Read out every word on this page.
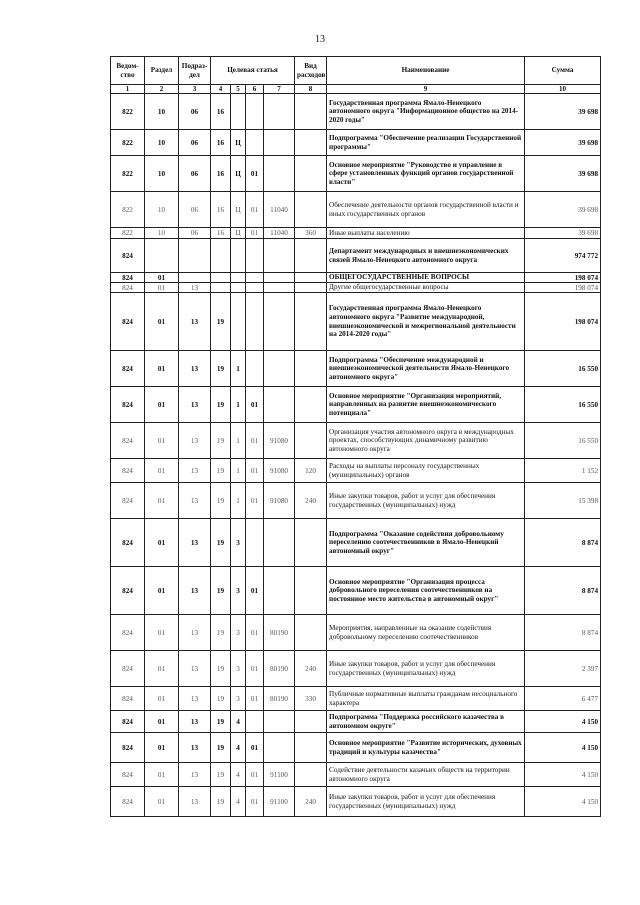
13
Ведом-ство	Раздел	Подраз-дел	Целевая статья				Вид расходов	Наименование	Сумма
1	2	3	4	5	6	7	8	9	10
822	10	06	16					Государственная программа Ямало-Ненецкого автономного округа "Информационное общество на 2014-2020 годы"	39 698
822	10	06	16	Ц				Подпрограмма "Обеспечение реализации Государственной программы"	39 698
822	10	06	16	Ц	01			Основное мероприятие "Руководство и управление в сфере установленных функций органов государственной власти"	39 698
822	10	06	16	Ц	01	11040		Обеспечение деятельности органов государственной власти и иных государственных органов	39 698
822	10	06	16	Ц	01	11040	360	Иные выплаты населению	39 698
824								Департамент международных и внешнеэкономических связей Ямало-Ненецкого автономного округа	974 772
824	01							ОБЩЕГОСУДАРСТВЕННЫЕ ВОПРОСЫ	198 074
824	01	13						Другие общегосударственные вопросы	198 074
824	01	13	19					Государственная программа Ямало-Ненецкого автономного округа "Развитие международной, внешнеэкономической и межрегиональной деятельности на 2014-2020 годы"	198 074
824	01	13	19	1				Подпрограмма "Обеспечение международной и внешнеэкономической деятельности Ямало-Ненецкого автономного округа"	16 550
824	01	13	19	1	01			Основное мероприятие "Организация мероприятий, направленных на развитие внешнеэкономического потенциала"	16 550
824	01	13	19	1	01	91080		Организация участия автономного округа в международных проектах, способствующих динамичному развитию автономного округа	16 550
824	01	13	19	1	01	91080	120	Расходы на выплаты персоналу государственных (муниципальных) органов	1 152
824	01	13	19	1	01	91080	240	Иные закупки товаров, работ и услуг для обеспечения государственных (муниципальных) нужд	15 398
824	01	13	19	3				Подпрограмма "Оказание содействия добровольному переселению соотечественников в Ямало-Ненецкий автономный округ"	8 874
824	01	13	19	3	01			Основное мероприятие "Организация процесса добровольного переселения соотечественников на постоянное место жительства в автономный округ"	8 874
824	01	13	19	3	01	80190		Мероприятия, направленные на оказание содействия добровольному переселению соотечественников	8 874
824	01	13	19	3	01	80190	240	Иные закупки товаров, работ и услуг для обеспечения государственных (муниципальных) нужд	2 397
824	01	13	19	3	01	80190	330	Публичные нормативные выплаты гражданам несоциального характера	6 477
824	01	13	19	4				Подпрограмма "Поддержка российского казачества в автономном округе"	4 150
824	01	13	19	4	01			Основное мероприятие "Развитие исторических, духовных традиций и культуры казачества"	4 150
824	01	13	19	4	01	91100		Содействие деятельности казачьих обществ на территории автономного округа	4 150
824	01	13	19	4	01	91100	240	Иные закупки товаров, работ и услуг для обеспечения государственных (муниципальных) нужд	4 150
